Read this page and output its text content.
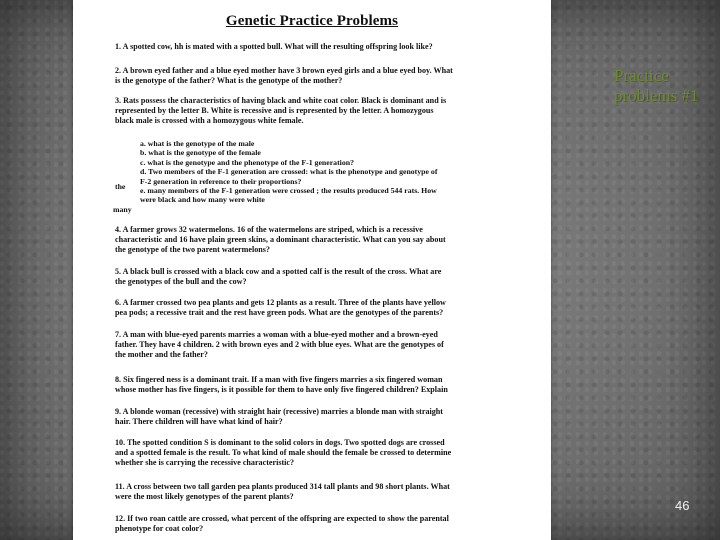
Genetic Practice Problems
1. A spotted cow, hh is mated with a spotted bull. What will the resulting offspring look like?
2. A brown eyed father and a blue eyed mother have 3 brown eyed girls and a blue eyed boy. What
is the genotype of the father? What is the genotype of the mother?
3. Rats possess the characteristics of having black and white coat color. Black is dominant and is
represented by the letter B. White is recessive and is represented by the letter. A homozygous
black male is crossed with a homozygous white female.
a. what is the genotype of the male
b. what is the genotype of the female
c. what is the genotype and the phenotype of the F-1 generation?
d. Two members of the F-1 generation are crossed: what is the phenotype and genotype of
F-2 generation in reference to their proportions?
e. many members of the F-1 generation were crossed ; the results produced 544 rats. How
were black and how many were white
the
many
4. A farmer grows 32 watermelons. 16 of the watermelons are striped, which is a recessive
characteristic and 16 have plain green skins, a dominant characteristic. What can you say about
the genotype of the two parent watermelons?
5. A black bull is crossed with a black cow and a spotted calf is the result of the cross. What are
the genotypes of the bull and the cow?
6. A farmer crossed two pea plants and gets 12 plants as a result. Three of the plants have yellow
pea pods; a recessive trait and the rest have green pods. What are the genotypes of the parents?
7. A man with blue-eyed parents marries a woman with a blue-eyed mother and a brown-eyed
father. They have 4 children. 2 with brown eyes and 2 with blue eyes. What are the genotypes of
the mother and the father?
8. Six fingered ness is a dominant trait. If a man with five fingers marries a six fingered woman
whose mother has five fingers, is it possible for them to have only five fingered children? Explain
9. A blonde woman (recessive) with straight hair (recessive) marries a blonde man with straight
hair. There children will have what kind of hair?
10. The spotted condition S is dominant to the solid colors in dogs. Two spotted dogs are crossed
and a spotted female is the result. To what kind of male should the female be crossed to determine
whether she is carrying the recessive characteristic?
11. A cross between two tall garden pea plants produced 314 tall plants and 98 short plants. What
were the most likely genotypes of the parent plants?
12. If two roan cattle are crossed, what percent of the offspring are expected to show the parental
phenotype for coat color?
Practice problems #1
46
